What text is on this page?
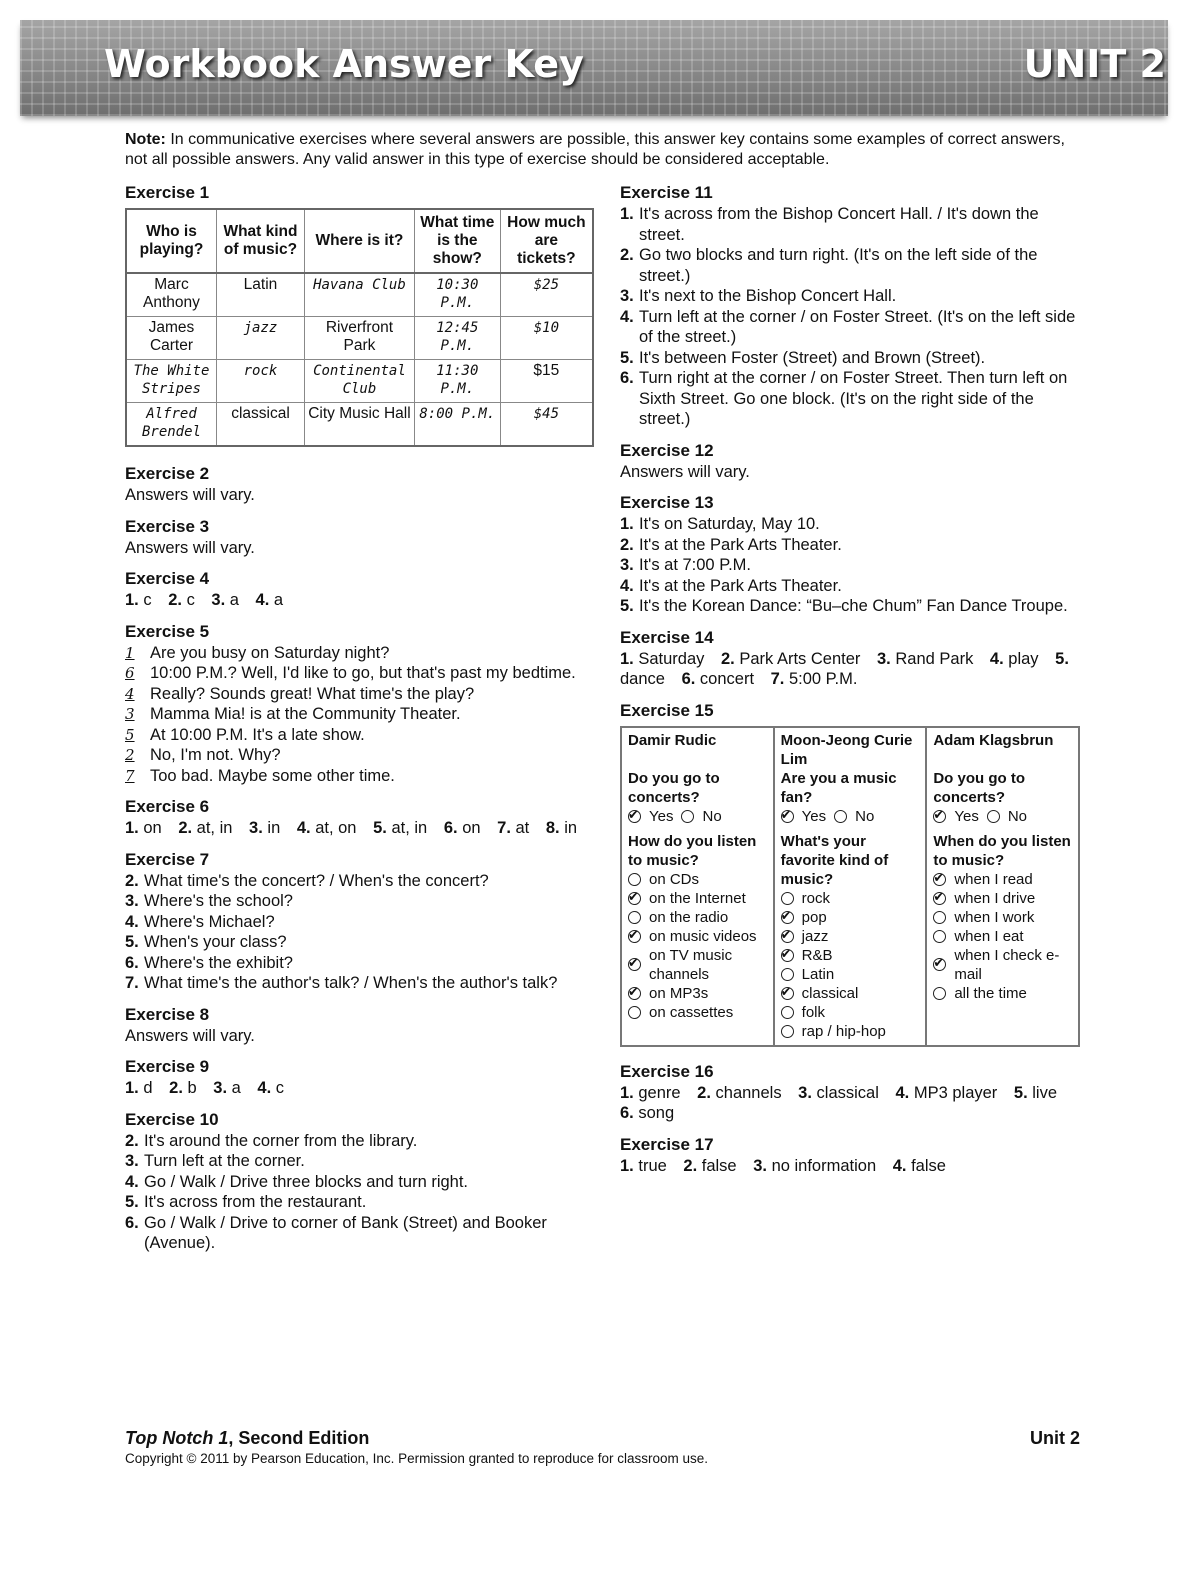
Workbook Answer Key	UNIT 2
Note: In communicative exercises where several answers are possible, this answer key contains some examples of correct answers, not all possible answers. Any valid answer in this type of exercise should be considered acceptable.
Exercise 1
Who is playing?	What kind of music?	Where is it?	What time is the show?	How much are tickets?
Marc Anthony	Latin	Havana Club	10:30 P.M.	$25
James Carter	jazz	Riverfront Park	12:45 P.M.	$10
The White Stripes	rock	Continental Club	11:30 P.M.	$15
Alfred Brendel	classical	City Music Hall	8:00 P.M.	$45
Exercise 2

Answers will vary.

Exercise 3

Answers will vary.

Exercise 4

1. c 2. c 3. a 4. a

Exercise 5
1 Are you busy on Saturday night?
6 10:00 P.M.? Well, I'd like to go, but that's past my bedtime.
4 Really? Sounds great! What time's the play?
3 Mamma Mia! is at the Community Theater.
5 At 10:00 P.M. It's a late show.
2 No, I'm not. Why?
7 Too bad. Maybe some other time.
Exercise 6

1. on 2. at, in 3. in 4. at, on 5. at, in 6. on 7. at 8. in

Exercise 7
2. What time's the concert? / When's the concert?
3. Where's the school?
4. Where's Michael?
5. When's your class?
6. Where's the exhibit?
7. What time's the author's talk? / When's the author's talk?
Exercise 8

Answers will vary.

Exercise 9

1. d 2. b 3. a 4. c

Exercise 10
2. It's around the corner from the library.
3. Turn left at the corner.
4. Go / Walk / Drive three blocks and turn right.
5. It's across from the restaurant.
6. Go / Walk / Drive to corner of Bank (Street) and Booker (Avenue).
Exercise 11
1. It's across from the Bishop Concert Hall. / It's down the street.
2. Go two blocks and turn right. (It's on the left side of the street.)
3. It's next to the Bishop Concert Hall.
4. Turn left at the corner / on Foster Street. (It's on the left side of the street.)
5. It's between Foster (Street) and Brown (Street).
6. Turn right at the corner / on Foster Street. Then turn left on Sixth Street. Go one block. (It's on the right side of the street.)
Exercise 12

Answers will vary.

Exercise 13
1. It's on Saturday, May 10.
2. It's at the Park Arts Theater.
3. It's at 7:00 P.M.
4. It's at the Park Arts Theater.
5. It's the Korean Dance: “Bu–che Chum” Fan Dance Troupe.
Exercise 14

1. Saturday 2. Park Arts Center 3. Rand Park 4. play 5. dance 6. concert 7. 5:00 P.M.

Exercise 15
Damir Rudic
Do you go to concerts?
✔
Yes No
How do you listen to music?
on CDs
✔
on the Internet
on the radio
✔
on music videos
✔
on TV music channels
✔
on MP3s
on cassettes
Moon-Jeong Curie Lim
Are you a music fan?
✔
Yes No
What's your favorite kind of music?
rock
✔
pop
✔
jazz
✔
R&B
Latin
✔
classical
folk
rap / hip-hop
Adam Klagsbrun
Do you go to concerts?
✔
Yes No
When do you listen to music?
✔
when I read
✔
when I drive
when I work
when I eat
✔
when I check e-mail
all the time
Exercise 16

1. genre 2. channels 3. classical 4. MP3 player 5. live 6. song

Exercise 17

1. true 2. false 3. no information 4. false

Top Notch 1, Second Edition	Unit 2
Copyright © 2011 by Pearson Education, Inc. Permission granted to reproduce for classroom use.
